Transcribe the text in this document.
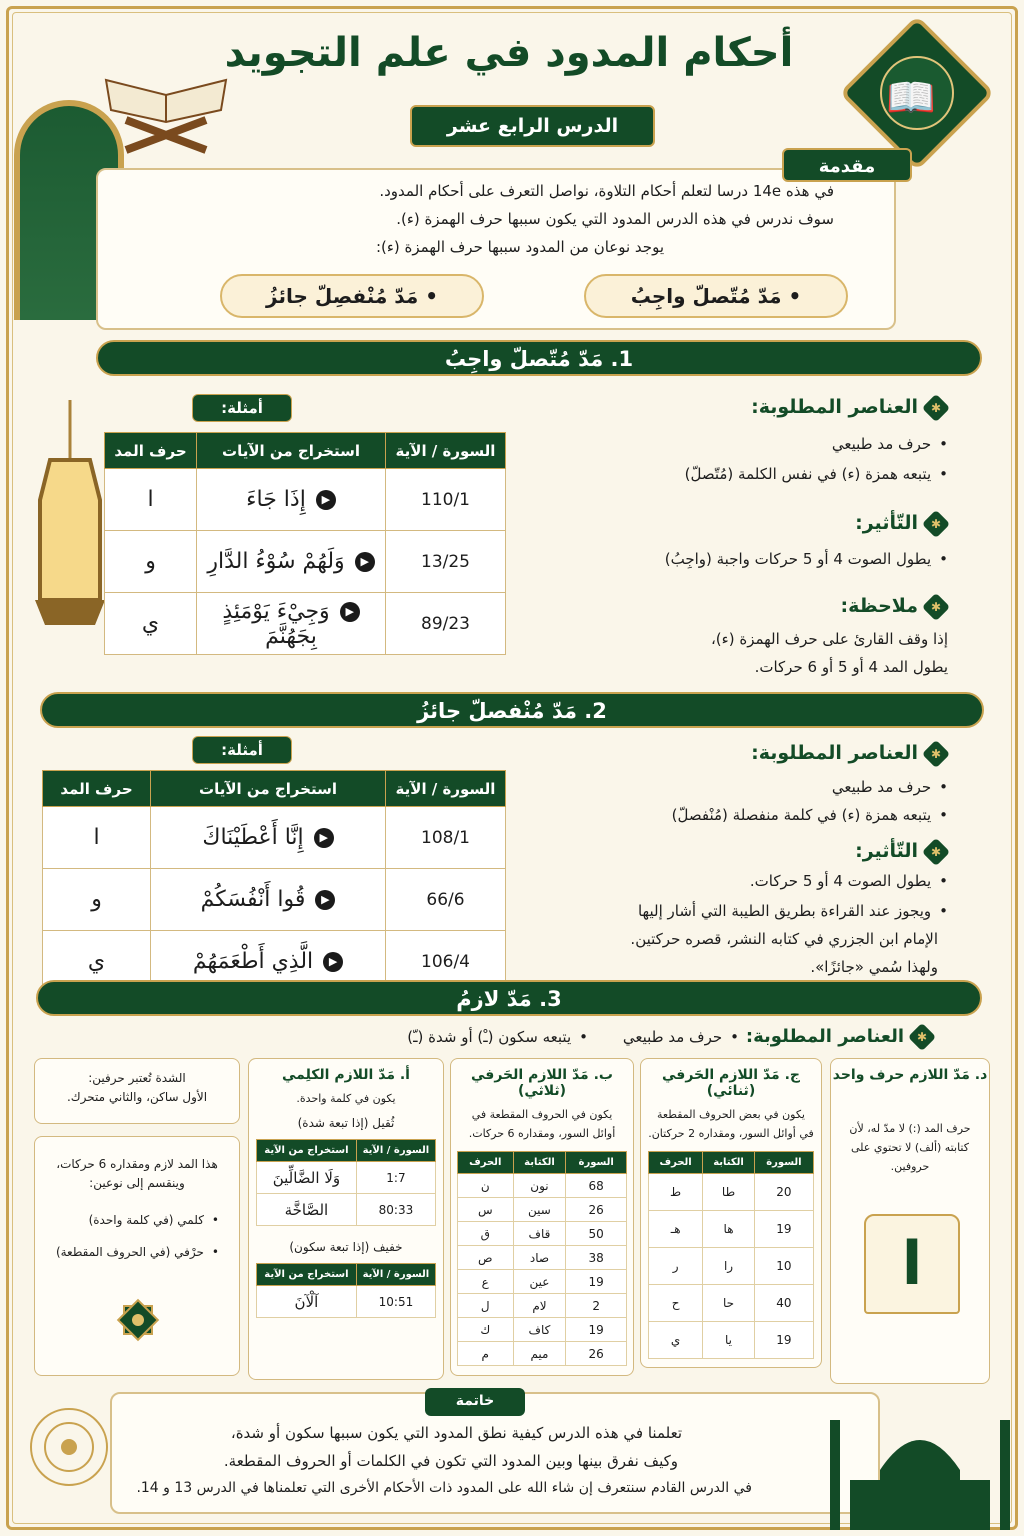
📖
أحكام المدود في علم التجويد
الدرس الرابع عشر
في هذه 14e درسا لتعلم أحكام التلاوة، نواصل التعرف على أحكام المدود.
سوف ندرس في هذه الدرس المدود التي يكون سببها حرف الهمزة (ء).
يوجد نوعان من المدود سببها حرف الهمزة (ء):
• مَدّ مُتّصلّ واجِبُ
• مَدّ مُنْفصِلّ جائزُ
مقدمة
1. مَدّ مُتّصلّ واجِبُ
أمثلة:
السورة / الآية	استخراج من الآيات	حرف المد
110/1	▶إِذَا جَاءَ	ا
13/25	▶وَلَهُمْ سُوْءُ الدَّارِ	و
89/23	▶وَجِيْءَ يَوْمَئِذٍ بِجَهُنَّمَ	ي
✱العناصر المطلوبة:
• حرف مد طبيعي
• يتبعه همزة (ء) في نفس الكلمة (مُتّصلّ)
✱التّأثير:
• يطول الصوت 4 أو 5 حركات واجبة (واجِبُ)
✱ملاحظة:
إذا وقف القارئ على حرف الهمزة (ء)،
يطول المد 4 أو 5 أو 6 حركات.
2. مَدّ مُنْفصلّ جائزُ
أمثلة:
السورة / الآية	استخراج من الآيات	حرف المد
108/1	▶إِنَّا أَعْطَيْنَاكَ	ا
66/6	▶قُوا أَنْفُسَكُمْ	و
106/4	▶الَّذِي أَطْعَمَهُمْ	ي
✱العناصر المطلوبة:
• حرف مد طبيعي
• يتبعه همزة (ء) في كلمة منفصلة (مُنْفصلّ)
✱التّأثير:
• يطول الصوت 4 أو 5 حركات.
• ويجوز عند القراءة بطريق الطيبة التي أشار إليها
الإمام ابن الجزري في كتابه النشر، قصره حركتين.
ولهذا سُمي «جائزًا».
3. مَدّ لازمُ
✱العناصر المطلوبة:
• حرف مد طبيعي
• يتبعه سكون (ـْ) أو شدة (ـّ)
د. مَدّ اللازم حرف واحد

حرف المد (:) لا مدّ له، لأن

كتابته (ألف) لا تحتوي على

حروفين.

ا
ج. مَدّ اللازم الحَرفي (ثنائي)

يكون في بعض الحروف المقطعة

في أوائل السور، ومقداره 2 حركتان.

السورة	الكتابة	الحرف
20	طا	ط
19	ها	هـ
10	را	ر
40	حا	ح
19	يا	ي
ب. مَدّ اللازم الحَرفي (ثلاثي)

يكون في الحروف المقطعة في

أوائل السور، ومقداره 6 حركات.

السورة	الكتابة	الحرف
68	نون	ن
26	سين	س
50	قاف	ق
38	صاد	ص
19	عين	ع
2	لام	ل
19	كاف	ك
26	ميم	م
أ. مَدّ اللازم الكلِمي

يكون في كلمة واحدة.

ثُقيل (إذا تبعة شدة)

السورة / الآية	استخراج من الآية
1:7	وَلَا الضَّالِّينَ
80:33	الصَّاخَّة

خفيف (إذا تبعة سكون)

السورة / الآية	استخراج من الآية
10:51	آلْآنَ

الشدة تُعتبر حرفين:

الأول ساكن، والثاني متحرك.

هذا المد لازم ومقداره 6 حركات،

وينقسم إلى نوعين:

• كلمي (في كلمة واحدة)
• حرْفي (في الحروف المقطعة)
تعلمنا في هذه الدرس كيفية نطق المدود التي يكون سببها سكون أو شدة،
وكيف نفرق بينها وبين المدود التي تكون في الكلمات أو الحروف المقطعة.
في الدرس القادم سنتعرف إن شاء الله على المدود ذات الأحكام الأخرى التي تعلمناها في الدرس 13 و 14.
خاتمة
